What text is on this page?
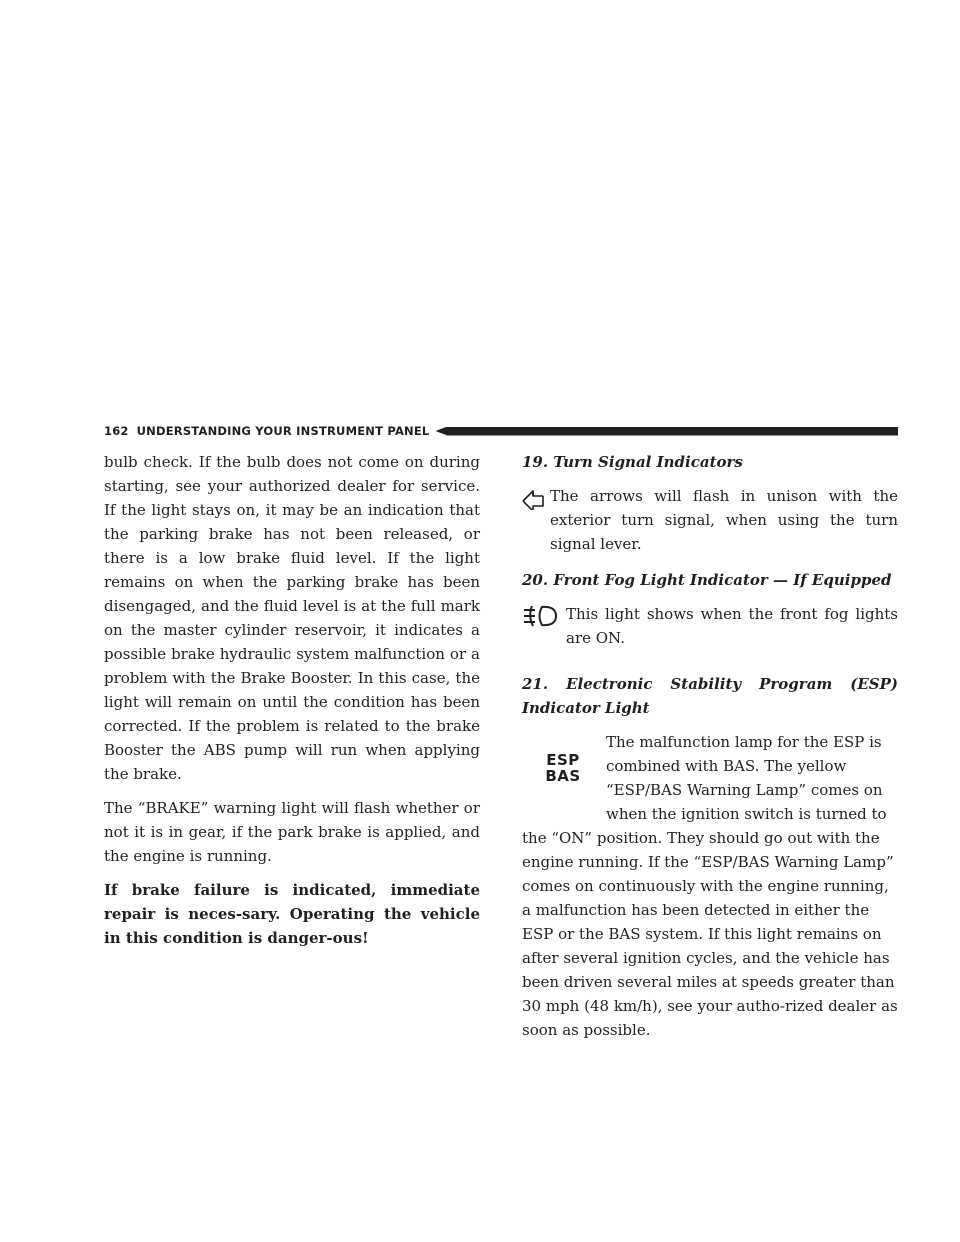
162 UNDERSTANDING YOUR INSTRUMENT PANEL

bulb check. If the bulb does not come on during starting, see your authorized dealer for service. If the light stays on, it may be an indication that the parking brake has not been released, or there is a low brake fluid level. If the light remains on when the parking brake has been disengaged, and the fluid level is at the full mark on the master cylinder reservoir, it indicates a possible brake hydraulic system malfunction or a problem with the Brake Booster. In this case, the light will remain on until the condition has been corrected. If the problem is related to the brake Booster the ABS pump will run when applying the brake.

The “BRAKE” warning light will flash whether or not it is in gear, if the park brake is applied, and the engine is running.

If brake failure is indicated, immediate repair is neces-sary. Operating the vehicle in this condition is danger-ous!

19. Turn Signal Indicators

The arrows will flash in unison with the exterior turn signal, when using the turn signal lever.

20. Front Fog Light Indicator — If Equipped

This light shows when the front fog lights are ON.

21. Electronic Stability Program (ESP) Indicator Light

ESP
BAS
The malfunction lamp for the ESP is combined with BAS. The yellow “ESP/BAS Warning Lamp” comes on when the ignition switch is turned to the “ON” position. They should go out with the engine running. If the “ESP/BAS Warning Lamp” comes on continuously with the engine running, a malfunction has been detected in either the ESP or the BAS system. If this light remains on after several ignition cycles, and the vehicle has been driven several miles at speeds greater than 30 mph (48 km/h), see your autho-rized dealer as soon as possible.
